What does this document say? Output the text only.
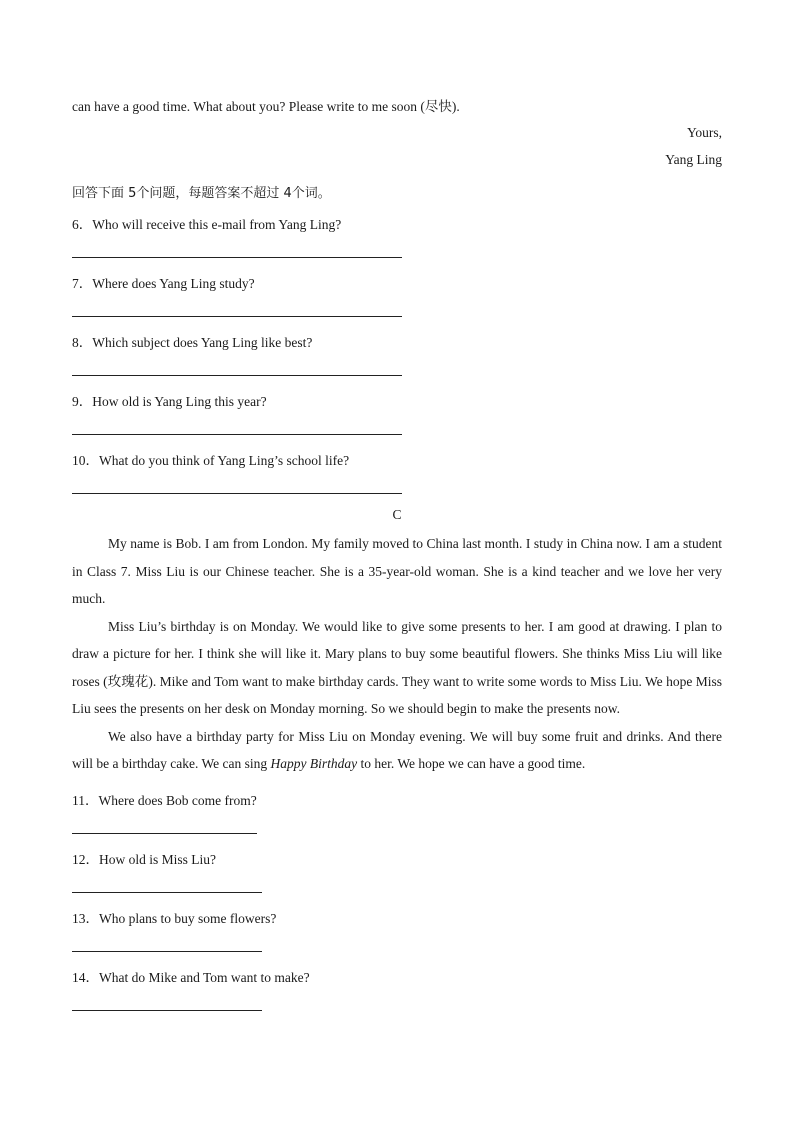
can have a good time. What about you? Please write to me soon (尽快).
Yours,
Yang Ling
回答下面 5个问题，每题答案不超过 4个词。
6．Who will receive this e-mail from Yang Ling?
7．Where does Yang Ling study?
8．Which subject does Yang Ling like best?
9．How old is Yang Ling this year?
10．What do you think of Yang Ling’s school life?
C

My name is Bob. I am from London. My family moved to China last month. I study in China now. I am a student in Class 7. Miss Liu is our Chinese teacher. She is a 35-year-old woman. She is a kind teacher and we love her very much.

Miss Liu’s birthday is on Monday. We would like to give some presents to her. I am good at drawing. I plan to draw a picture for her. I think she will like it. Mary plans to buy some beautiful flowers. She thinks Miss Liu will like roses (玫瑰花). Mike and Tom want to make birthday cards. They want to write some words to Miss Liu. We hope Miss Liu sees the presents on her desk on Monday morning. So we should begin to make the presents now.

We also have a birthday party for Miss Liu on Monday evening. We will buy some fruit and drinks. And there will be a birthday cake. We can sing Happy Birthday to her. We hope we can have a good time.

11．Where does Bob come from?
12．How old is Miss Liu?
13．Who plans to buy some flowers?
14．What do Mike and Tom want to make?
